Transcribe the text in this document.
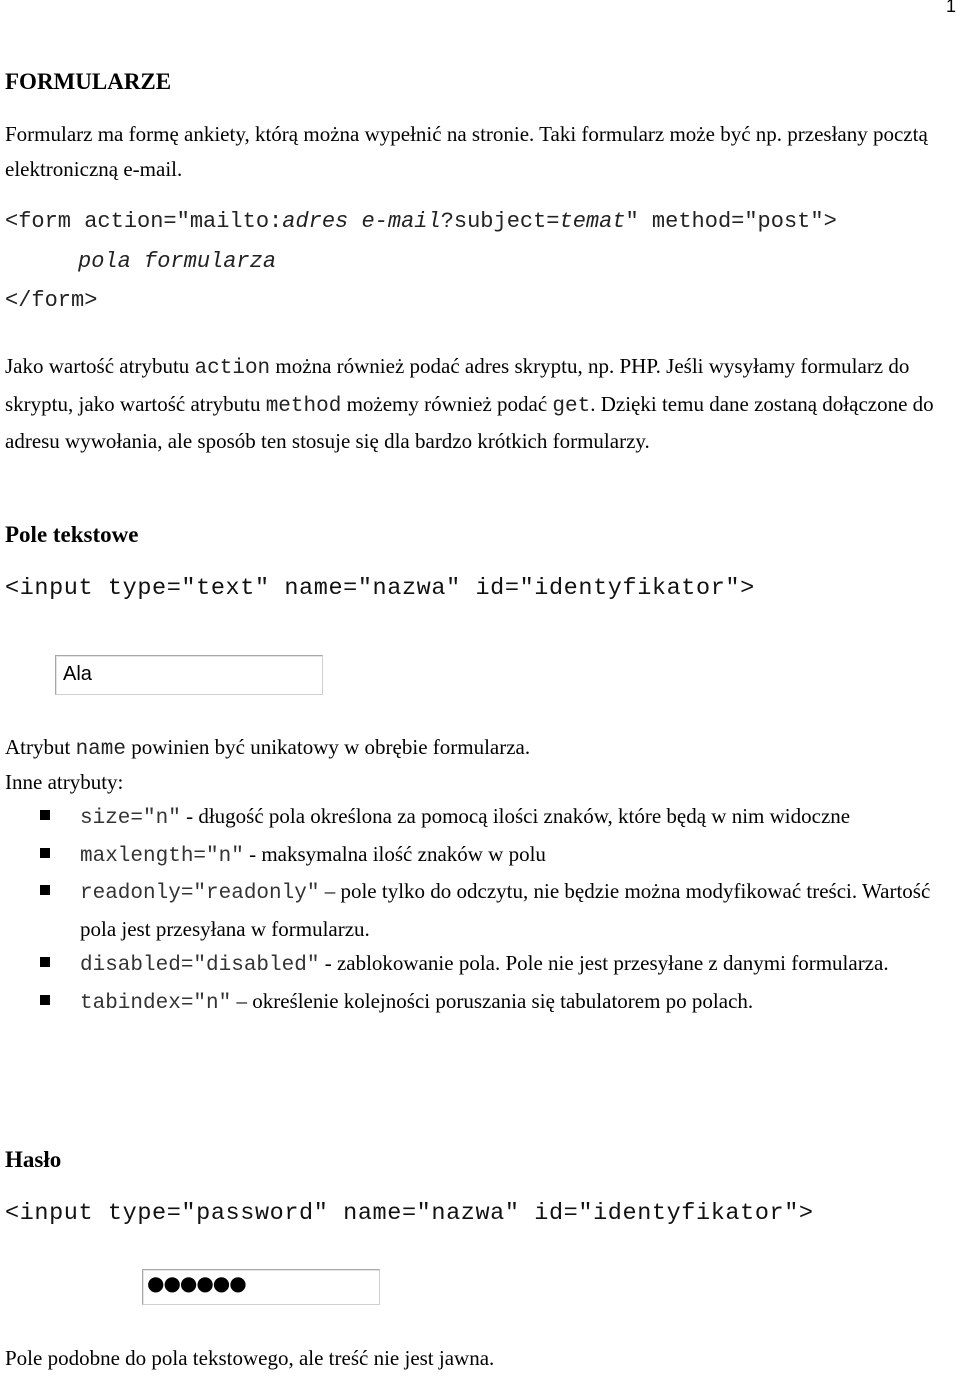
1
FORMULARZE
Formularz ma formę ankiety, którą można wypełnić na stronie. Taki formularz może być np. przesłany pocztą elektroniczną e-mail.
<form action="mailto:adres e-mail?subject=temat" method="post">
pola formularza
</form>
Jako wartość atrybutu action można również podać adres skryptu, np. PHP. Jeśli wysyłamy formularz do skryptu, jako wartość atrybutu method możemy również podać get. Dzięki temu dane zostaną dołączone do adresu wywołania, ale sposób ten stosuje się dla bardzo krótkich formularzy.
Pole tekstowe
<input type="text" name="nazwa" id="identyfikator">
Ala
Atrybut name powinien być unikatowy w obrębie formularza.
Inne atrybuty:
size="n" - długość pola określona za pomocą ilości znaków, które będą w nim widoczne
maxlength="n" - maksymalna ilość znaków w polu
readonly="readonly" – pole tylko do odczytu, nie będzie można modyfikować treści. Wartość pola jest przesyłana w formularzu.
disabled="disabled" - zablokowanie pola. Pole nie jest przesyłane z danymi formularza.
tabindex="n" – określenie kolejności poruszania się tabulatorem po polach.
Hasło
<input type="password" name="nazwa" id="identyfikator">
●●●●●●
Pole podobne do pola tekstowego, ale treść nie jest jawna.
